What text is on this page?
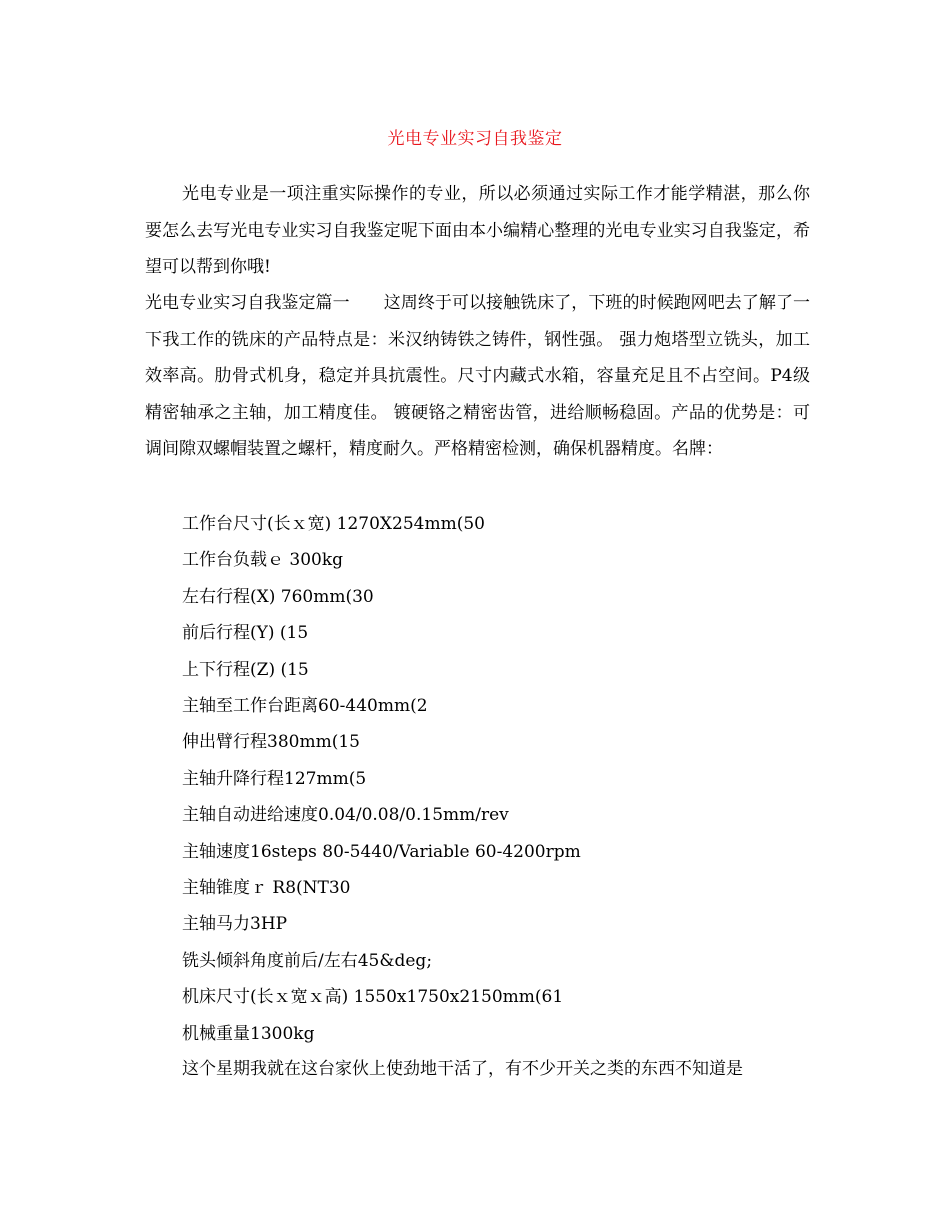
光电专业实习自我鉴定

光电专业是一项注重实际操作的专业，所以必须通过实际工作才能学精湛，那么你要怎么去写光电专业实习自我鉴定呢下面由本小编精心整理的光电专业实习自我鉴定，希望可以帮到你哦!

光电专业实习自我鉴定篇一 这周终于可以接触铣床了，下班的时候跑网吧去了解了一下我工作的铣床的产品特点是：米汉纳铸铁之铸件，钢性强。 强力炮塔型立铣头，加工效率高。肋骨式机身，稳定并具抗震性。尺寸内藏式水箱，容量充足且不占空间。P4级精密轴承之主轴，加工精度佳。 镀硬铬之精密齿管，进给顺畅稳固。产品的优势是：可调间隙双螺帽装置之螺杆，精度耐久。严格精密检测，确保机器精度。名牌：

工作台尺寸(长ｘ宽) 1270X254mm(50
工作台负载ｅ 300kg
左右行程(X) 760mm(30
前后行程(Y) (15
上下行程(Z) (15
主轴至工作台距离60-440mm(2
伸出臂行程380mm(15
主轴升降行程127mm(5
主轴自动进给速度0.04/0.08/0.15mm/rev
主轴速度16steps 80-5440/Variable 60-4200rpm
主轴锥度ｒ R8(NT30
主轴马力3HP
铣头倾斜角度前后/左右45&deg;
机床尺寸(长ｘ宽ｘ高) 1550x1750x2150mm(61
机械重量1300kg

这个星期我就在这台家伙上使劲地干活了，有不少开关之类的东西不知道是
